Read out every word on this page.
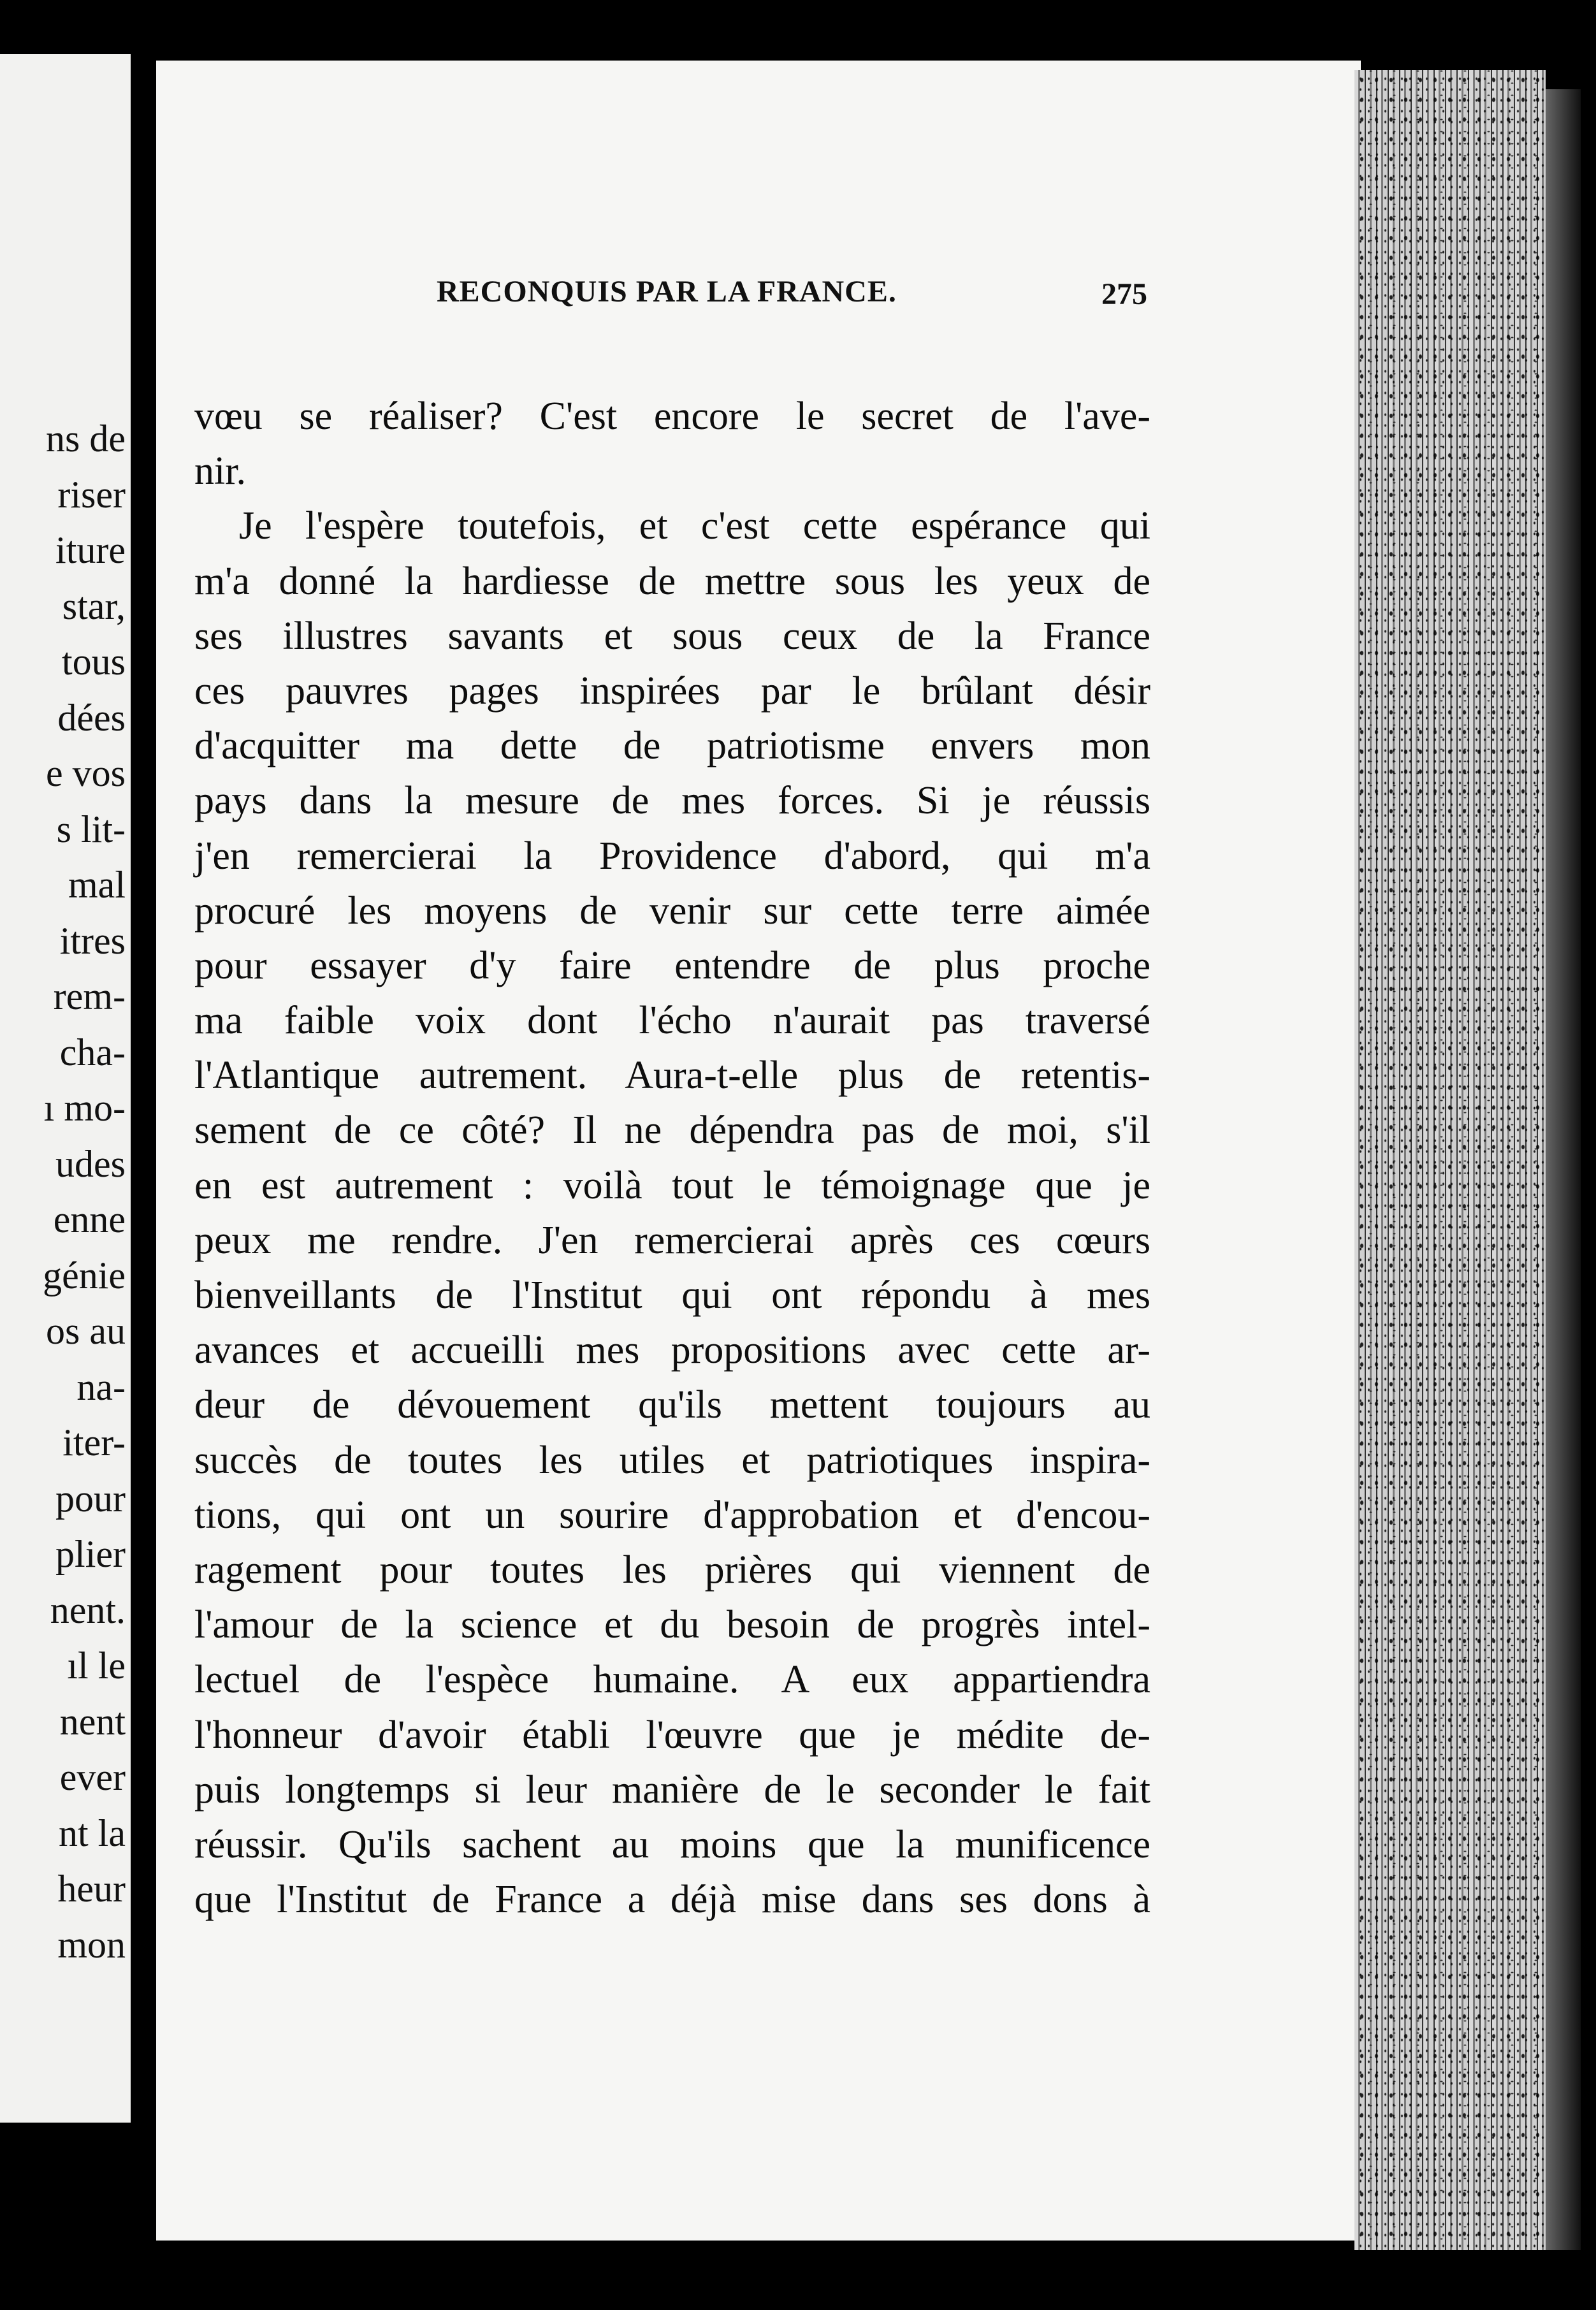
ns de
riser
iture
star,
tous
dées
e vos
s lit-
mal
itres
rem-
cha-
ı mo-
udes
enne
génie
os au
na-
iter-
pour
plier
nent.
ıl le
nent
ever
nt la
heur
mon
RECONQUIS PAR LA FRANCE.	275
vœu se réaliser? C'est encore le secret de l'ave-
nir.
Je l'espère toutefois, et c'est cette espérance qui
m'a donné la hardiesse de mettre sous les yeux de
ses illustres savants et sous ceux de la France
ces pauvres pages inspirées par le brûlant désir
d'acquitter ma dette de patriotisme envers mon
pays dans la mesure de mes forces. Si je réussis
j'en remercierai la Providence d'abord, qui m'a
procuré les moyens de venir sur cette terre aimée
pour essayer d'y faire entendre de plus proche
ma faible voix dont l'écho n'aurait pas traversé
l'Atlantique autrement. Aura-t-elle plus de retentis-
sement de ce côté? Il ne dépendra pas de moi, s'il
en est autrement : voilà tout le témoignage que je
peux me rendre. J'en remercierai après ces cœurs
bienveillants de l'Institut qui ont répondu à mes
avances et accueilli mes propositions avec cette ar-
deur de dévouement qu'ils mettent toujours au
succès de toutes les utiles et patriotiques inspira-
tions, qui ont un sourire d'approbation et d'encou-
ragement pour toutes les prières qui viennent de
l'amour de la science et du besoin de progrès intel-
lectuel de l'espèce humaine. A eux appartiendra
l'honneur d'avoir établi l'œuvre que je médite de-
puis longtemps si leur manière de le seconder le fait
réussir. Qu'ils sachent au moins que la munificence
que l'Institut de France a déjà mise dans ses dons à
